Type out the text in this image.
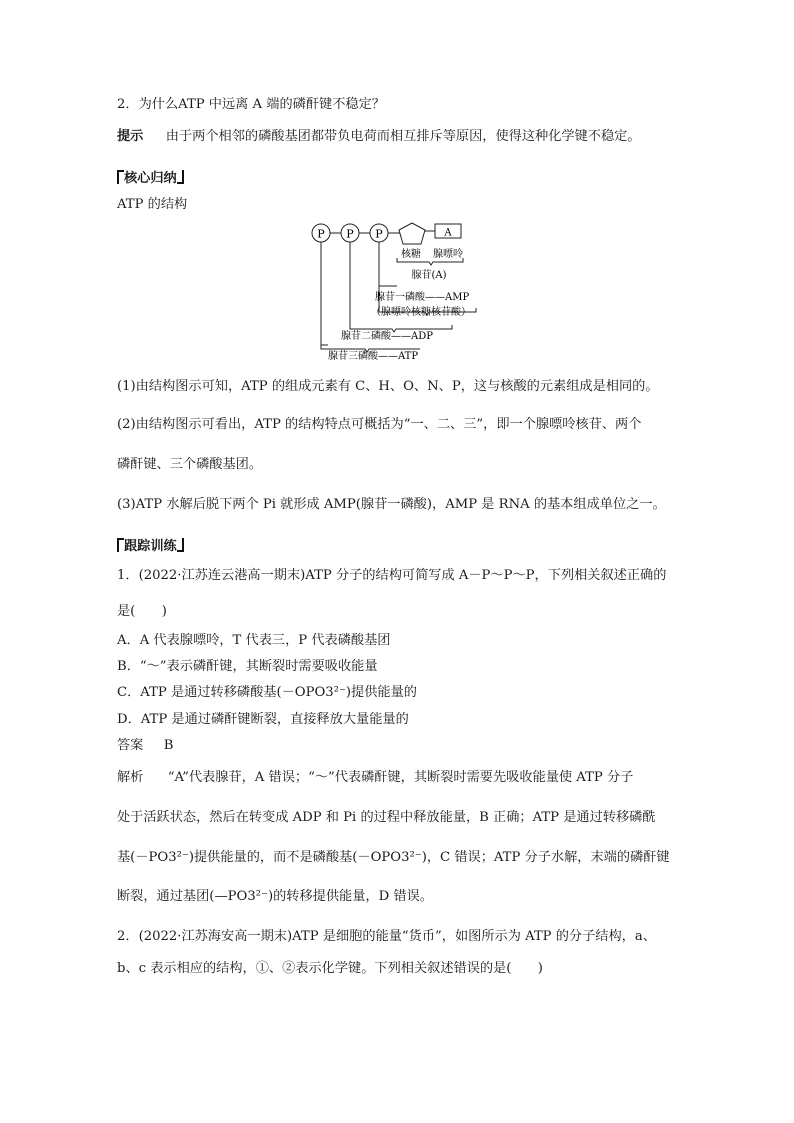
2．为什么ATP 中远离 A 端的磷酐键不稳定？
提示 由于两个相邻的磷酸基团都带负电荷而相互排斥等原因，使得这种化学键不稳定。
核心归纳
ATP 的结构
P P P	A
核糖 腺嘌呤
腺苷(A)
腺苷一磷酸——AMP
（腺嘌呤核糖核苷酸）
腺苷二磷酸——ADP
腺苷三磷酸——ATP
(1)由结构图示可知，ATP 的组成元素有 C、H、O、N、P，这与核酸的元素组成是相同的。
(2)由结构图示可看出，ATP 的结构特点可概括为“一、二、三”，即一个腺嘌呤核苷、两个
磷酐键、三个磷酸基团。
(3)ATP 水解后脱下两个 Pi 就形成 AMP(腺苷一磷酸)，AMP 是 RNA 的基本组成单位之一。
跟踪训练
1．(2022·江苏连云港高一期末)ATP 分子的结构可简写成 A－P～P～P，下列相关叙述正确的
是(　　)
A．A 代表腺嘌呤，T 代表三，P 代表磷酸基团
B．“～”表示磷酐键，其断裂时需要吸收能量
C．ATP 是通过转移磷酸基(－OPO3²⁻)提供能量的
D．ATP 是通过磷酐键断裂，直接释放大量能量的
答案 B
解析 “A”代表腺苷，A 错误；“～”代表磷酐键，其断裂时需要先吸收能量使 ATP 分子
处于活跃状态，然后在转变成 ADP 和 Pi 的过程中释放能量，B 正确；ATP 是通过转移磷酰
基(－PO3²⁻)提供能量的，而不是磷酸基(－OPO3²⁻)，C 错误；ATP 分子水解，末端的磷酐键
断裂，通过基团(—PO3²⁻)的转移提供能量，D 错误。
2．(2022·江苏海安高一期末)ATP 是细胞的能量“货币”，如图所示为 ATP 的分子结构，a、
b、c 表示相应的结构，①、②表示化学键。下列相关叙述错误的是(　　)
